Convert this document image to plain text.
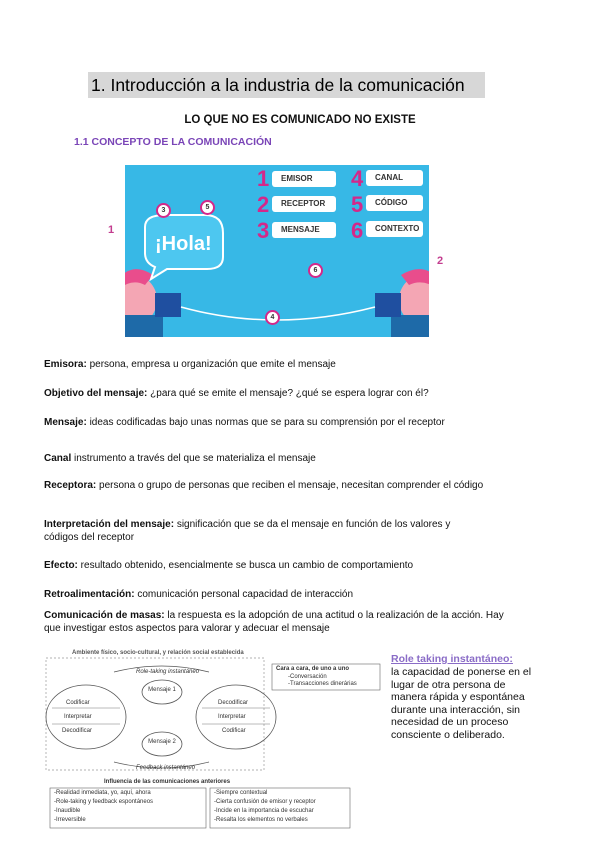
1. Introducción a la industria de la comunicación
LO QUE NO ES COMUNICADO NO EXISTE
1.1 CONCEPTO DE LA COMUNICACIÓN
1
2
¡Hola!
1	EMISOR
2	RECEPTOR
3	MENSAJE
4	CANAL
5	CÓDIGO
6	CONTEXTO
3	5
6
4
Emisora: persona, empresa u organización que emite el mensaje
Objetivo del mensaje: ¿para qué se emite el mensaje? ¿qué se espera lograr con él?
Mensaje: ideas codificadas bajo unas normas que se para su comprensión por el receptor
Canal instrumento a través del que se materializa el mensaje
Receptora: persona o grupo de personas que reciben el mensaje, necesitan comprender el código
Interpretación del mensaje: significación que se da el mensaje en función de los valores y códigos del receptor
Efecto: resultado obtenido, esencialmente se busca un cambio de comportamiento
Retroalimentación: comunicación personal capacidad de interacción
Comunicación de masas: la respuesta es la adopción de una actitud o la realización de la acción. Hay que investigar estos aspectos para valorar y adecuar el mensaje
Ambiente físico, socio-cultural, y relación social establecida
Role-taking instantáneo
Feedback instantáneo
Mensaje 1
Mensaje 2
Codificar
Interpretar
Decodificar
Decodificar
Interpretar
Codificar
Cara a cara, de uno a uno
-Conversación
-Transacciones dinerárias
Influencia de las comunicaciones anteriores
-Realidad inmediata, yo, aquí, ahora
-Role-taking y feedback espontáneos
-Inaudible
-Irreversible
-Siempre contextual
-Cierta confusión de emisor y receptor
-Incide en la importancia de escuchar
-Resalta los elementos no verbales
Role taking instantáneo:
la capacidad de ponerse en el lugar de otra persona de manera rápida y espontánea durante una interacción, sin necesidad de un proceso consciente o deliberado.
